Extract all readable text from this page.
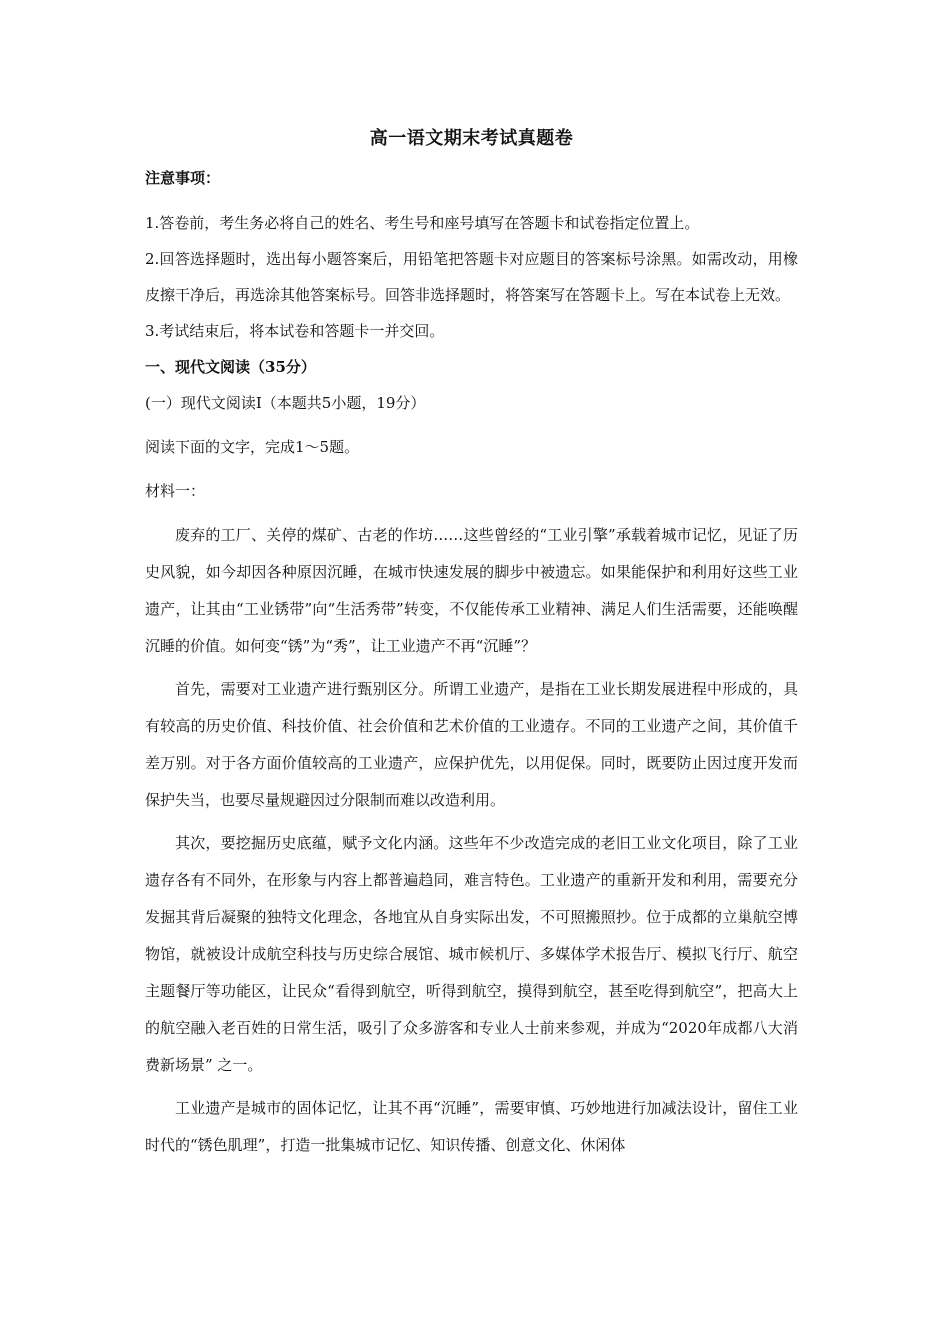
高一语文期末考试真题卷

注意事项：

1.答卷前，考生务必将自己的姓名、考生号和座号填写在答题卡和试卷指定位置上。

2.回答选择题时，选出每小题答案后，用铅笔把答题卡对应题目的答案标号涂黑。如需改动，用橡皮擦干净后，再选涂其他答案标号。回答非选择题时，将答案写在答题卡上。写在本试卷上无效。

3.考试结束后，将本试卷和答题卡一并交回。

一、现代文阅读（35分）

(一）现代文阅读Ⅰ（本题共5小题，19分）

阅读下面的文字，完成1～5题。

材料一：

废弃的工厂、关停的煤矿、古老的作坊……这些曾经的“工业引擎”承载着城市记忆，见证了历史风貌，如今却因各种原因沉睡，在城市快速发展的脚步中被遗忘。如果能保护和利用好这些工业遗产，让其由“工业锈带”向“生活秀带”转变，不仅能传承工业精神、满足人们生活需要，还能唤醒沉睡的价值。如何变“锈”为“秀”，让工业遗产不再“沉睡”？

首先，需要对工业遗产进行甄别区分。所谓工业遗产，是指在工业长期发展进程中形成的，具有较高的历史价值、科技价值、社会价值和艺术价值的工业遗存。不同的工业遗产之间，其价值千差万别。对于各方面价值较高的工业遗产，应保护优先，以用促保。同时，既要防止因过度开发而保护失当，也要尽量规避因过分限制而难以改造利用。

其次，要挖掘历史底蕴，赋予文化内涵。这些年不少改造完成的老旧工业文化项目，除了工业遗存各有不同外，在形象与内容上都普遍趋同，难言特色。工业遗产的重新开发和利用，需要充分发掘其背后凝聚的独特文化理念，各地宜从自身实际出发，不可照搬照抄。位于成都的立巢航空博物馆，就被设计成航空科技与历史综合展馆、城市候机厅、多媒体学术报告厅、模拟飞行厅、航空主题餐厅等功能区，让民众“看得到航空，听得到航空，摸得到航空，甚至吃得到航空”，把高大上的航空融入老百姓的日常生活，吸引了众多游客和专业人士前来参观，并成为“2020年成都八大消费新场景” 之一。

工业遗产是城市的固体记忆，让其不再“沉睡”，需要审慎、巧妙地进行加减法设计，留住工业时代的“锈色肌理”，打造一批集城市记忆、知识传播、创意文化、休闲体
